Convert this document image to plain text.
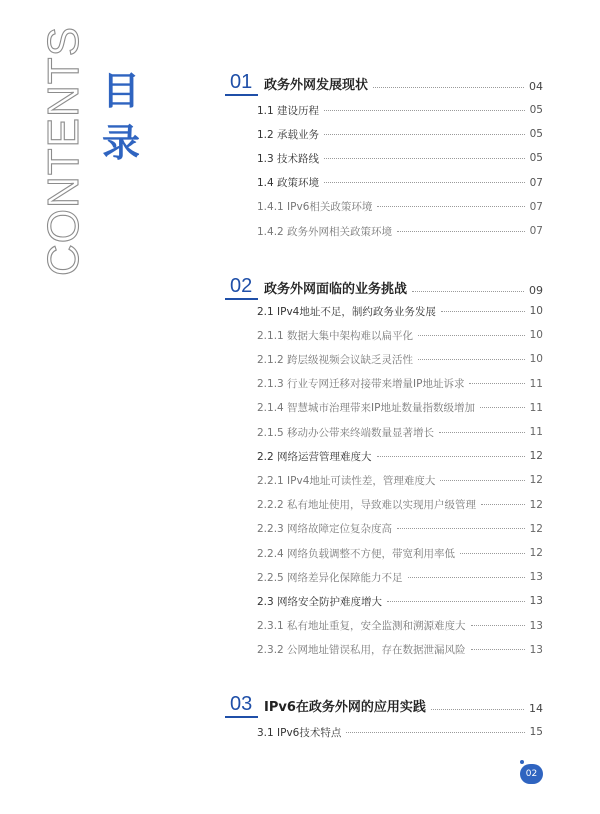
CONTENTS 目
录
01 政务外网发展现状	04
1.1 建设历程	05
1.2 承载业务	05
1.3 技术路线	05
1.4 政策环境	07
1.4.1 IPv6相关政策环境	07
1.4.2 政务外网相关政策环境	07
02 政务外网面临的业务挑战	09
2.1 IPv4地址不足，制约政务业务发展	10
2.1.1 数据大集中架构难以扁平化	10
2.1.2 跨层级视频会议缺乏灵活性	10
2.1.3 行业专网迁移对接带来增量IP地址诉求	11
2.1.4 智慧城市治理带来IP地址数量指数级增加	11
2.1.5 移动办公带来终端数量显著增长	11
2.2 网络运营管理难度大	12
2.2.1 IPv4地址可读性差，管理难度大	12
2.2.2 私有地址使用，导致难以实现用户级管理	12
2.2.3 网络故障定位复杂度高	12
2.2.4 网络负载调整不方便，带宽利用率低	12
2.2.5 网络差异化保障能力不足	13
2.3 网络安全防护难度增大	13
2.3.1 私有地址重复，安全监测和溯源难度大	13
2.3.2 公网地址错误私用，存在数据泄漏风险	13
03 IPv6在政务外网的应用实践	14
3.1 IPv6技术特点	15
02
